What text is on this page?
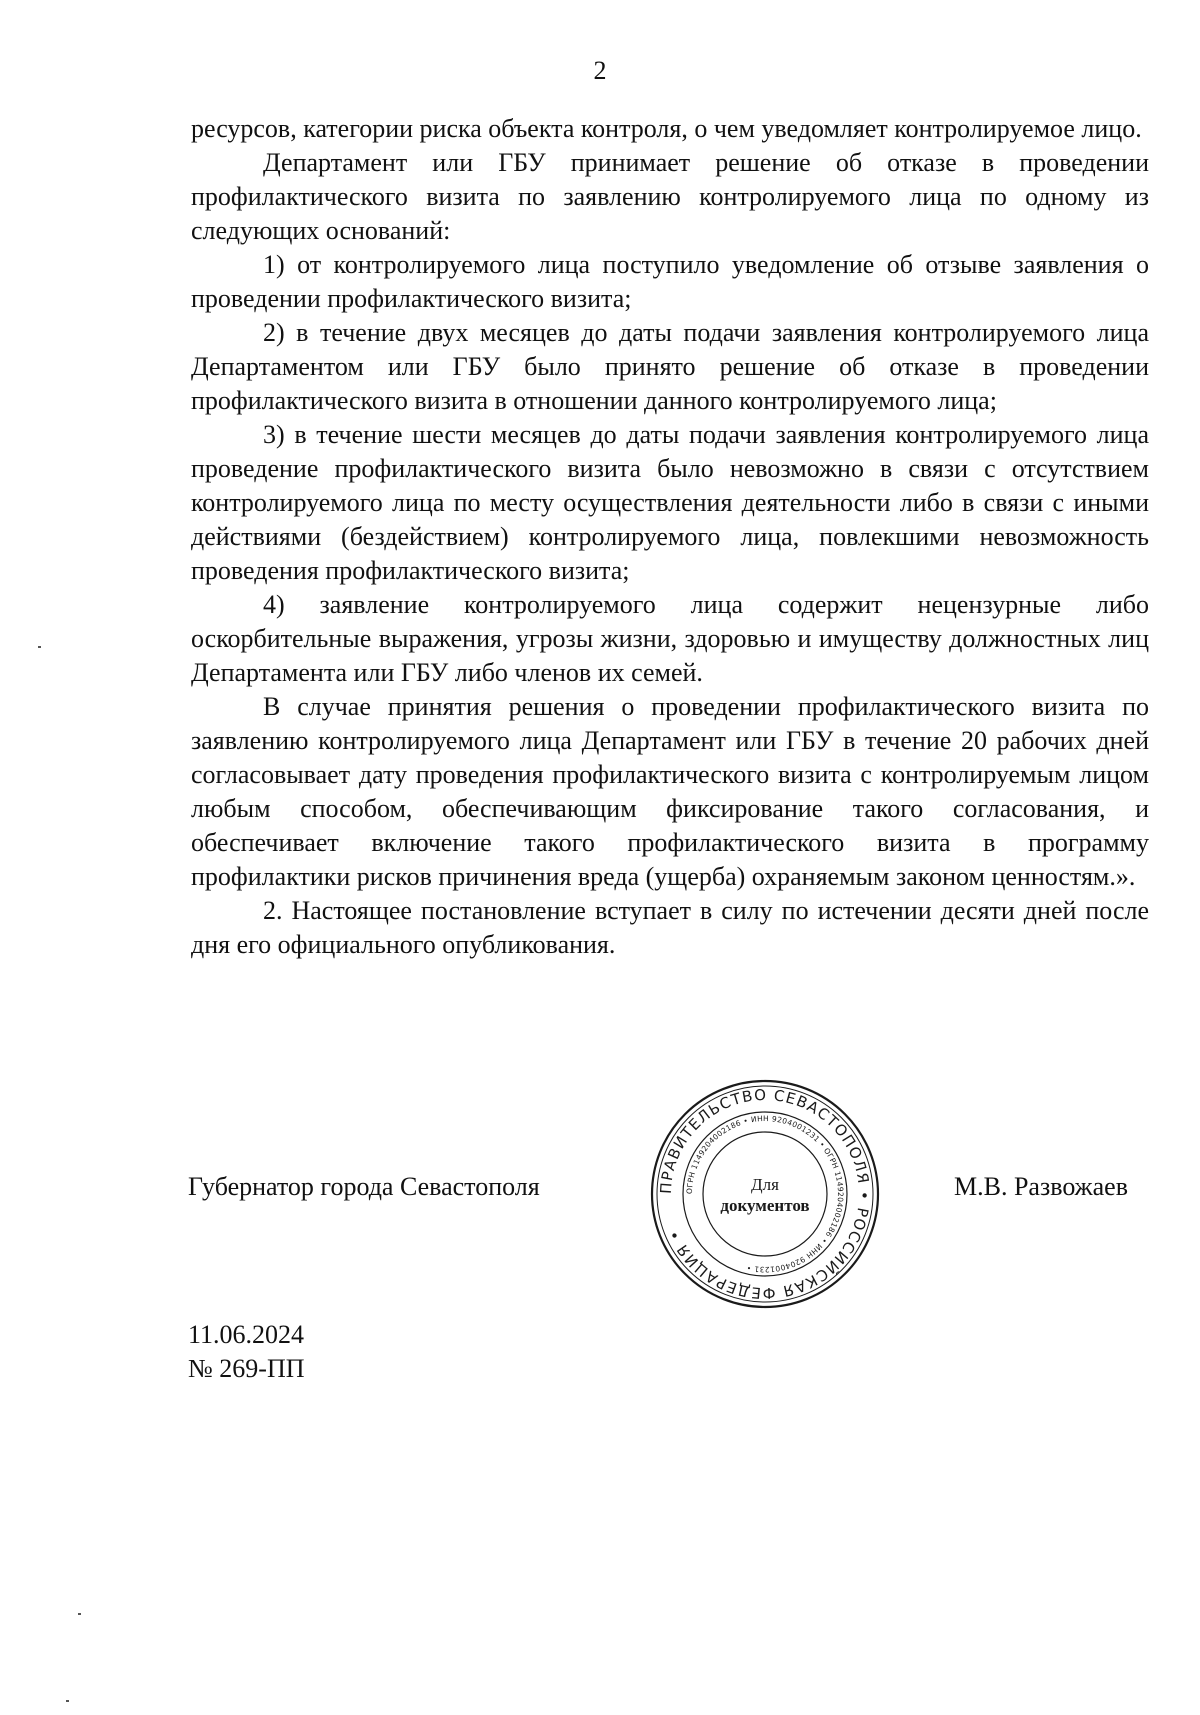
2

ресурсов, категории риска объекта контроля, о чем уведомляет контролируемое лицо.

Департамент или ГБУ принимает решение об отказе в проведении профилактического визита по заявлению контролируемого лица по одному из следующих оснований:

1) от контролируемого лица поступило уведомление об отзыве заявления о проведении профилактического визита;

2) в течение двух месяцев до даты подачи заявления контролируемого лица Департаментом или ГБУ было принято решение об отказе в проведении профилактического визита в отношении данного контролируемого лица;

3) в течение шести месяцев до даты подачи заявления контролируемого лица проведение профилактического визита было невозможно в связи с отсутствием контролируемого лица по месту осуществления деятельности либо в связи с иными действиями (бездействием) контролируемого лица, повлекшими невозможность проведения профилактического визита;

4) заявление контролируемого лица содержит нецензурные либо оскорбительные выражения, угрозы жизни, здоровью и имуществу должностных лиц Департамента или ГБУ либо членов их семей.

В случае принятия решения о проведении профилактического визита по заявлению контролируемого лица Департамент или ГБУ в течение 20 рабочих дней согласовывает дату проведения профилактического визита с контролируемым лицом любым способом, обеспечивающим фиксирование такого согласования, и обеспечивает включение такого профилактического визита в программу профилактики рисков причинения вреда (ущерба) охраняемым законом ценностям.».

2. Настоящее постановление вступает в силу по истечении десяти дней после дня его официального опубликования.

Губернатор города Севастополя	М.В. Развожаев
ПРАВИТЕЛЬСТВО СЕВАСТОПОЛЯ • РОССИЙСКАЯ ФЕДЕРАЦИЯ •
ОГРН 1149204002186 • ИНН 9204001231 • ОГРН 1149204002186 • ИНН 9204001231 •
Для
документов
11.06.2024
№ 269-ПП
